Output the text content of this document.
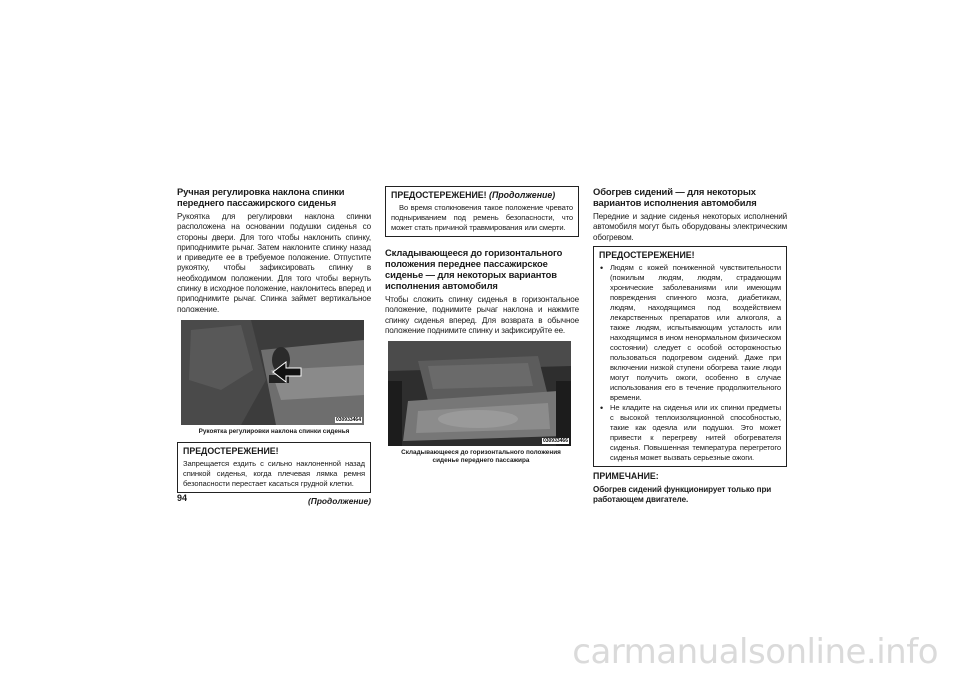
Ручная регулировка наклона спинки переднего пассажирского сиденья

Рукоятка для регулировки наклона спинки расположена на основании подушки сиденья со стороны двери. Для того чтобы наклонить спинку, приподнимите рычаг. Затем наклоните спинку назад и приведите ее в требуемое положение. Отпустите рукоятку, чтобы зафиксировать спинку в необходимом положении. Для того чтобы вернуть спинку в исходное положение, наклонитесь вперед и приподнимите рычаг. Спинка займет вертикальное положение.

030933464
Рукоятка регулировки наклона спинки сиденья
ПРЕДОСТЕРЕЖЕНИЕ!

Запрещается ездить с сильно наклоненной назад спинкой сиденья, когда плечевая лямка ремня безопасности перестает касаться грудной клетки.

(Продолжение)
ПРЕДОСТЕРЕЖЕНИЕ! (Продолжение)

Во время столкновения такое положение чревато подныриванием под ремень безопасности, что может стать причиной травмирования или смерти.

Складывающееся до горизонтального положения переднее пассажирское сиденье — для некоторых вариантов исполнения автомобиля

Чтобы сложить спинку сиденья в горизонтальное положение, поднимите рычаг наклона и нажмите спинку сиденья вперед. Для возврата в обычное положение поднимите спинку и зафиксируйте ее.

030933466
Складывающееся до горизонтального положения сиденье переднего пассажира
Обогрев сидений — для некоторых вариантов исполнения автомобиля

Передние и задние сиденья некоторых исполнений автомобиля могут быть оборудованы электрическим обогревом.

ПРЕДОСТЕРЕЖЕНИЕ!
• Людям с кожей пониженной чувствительности (пожилым людям, людям, страдающим хронические заболеваниями или имеющим повреждения спинного мозга, диабетикам, людям, находящимся под воздействием лекарственных препаратов или алкоголя, а также людям, испытывающим усталость или находящимся в ином ненормальном физическом состоянии) следует с особой осторожностью пользоваться подогревом сидений. Даже при включении низкой ступени обогрева такие люди могут получить ожоги, особенно в случае использования его в течение продолжительного времени.
• Не кладите на сиденья или их спинки предметы с высокой теплоизоляционной способностью, такие как одеяла или подушки. Это может привести к перегреву нитей обогревателя сиденья. Повышенная температура перегретого сиденья может вызвать серьезные ожоги.
ПРИМЕЧАНИЕ:
Обогрев сидений функционирует только при работающем двигателе.
94
carmanualsonline.info
